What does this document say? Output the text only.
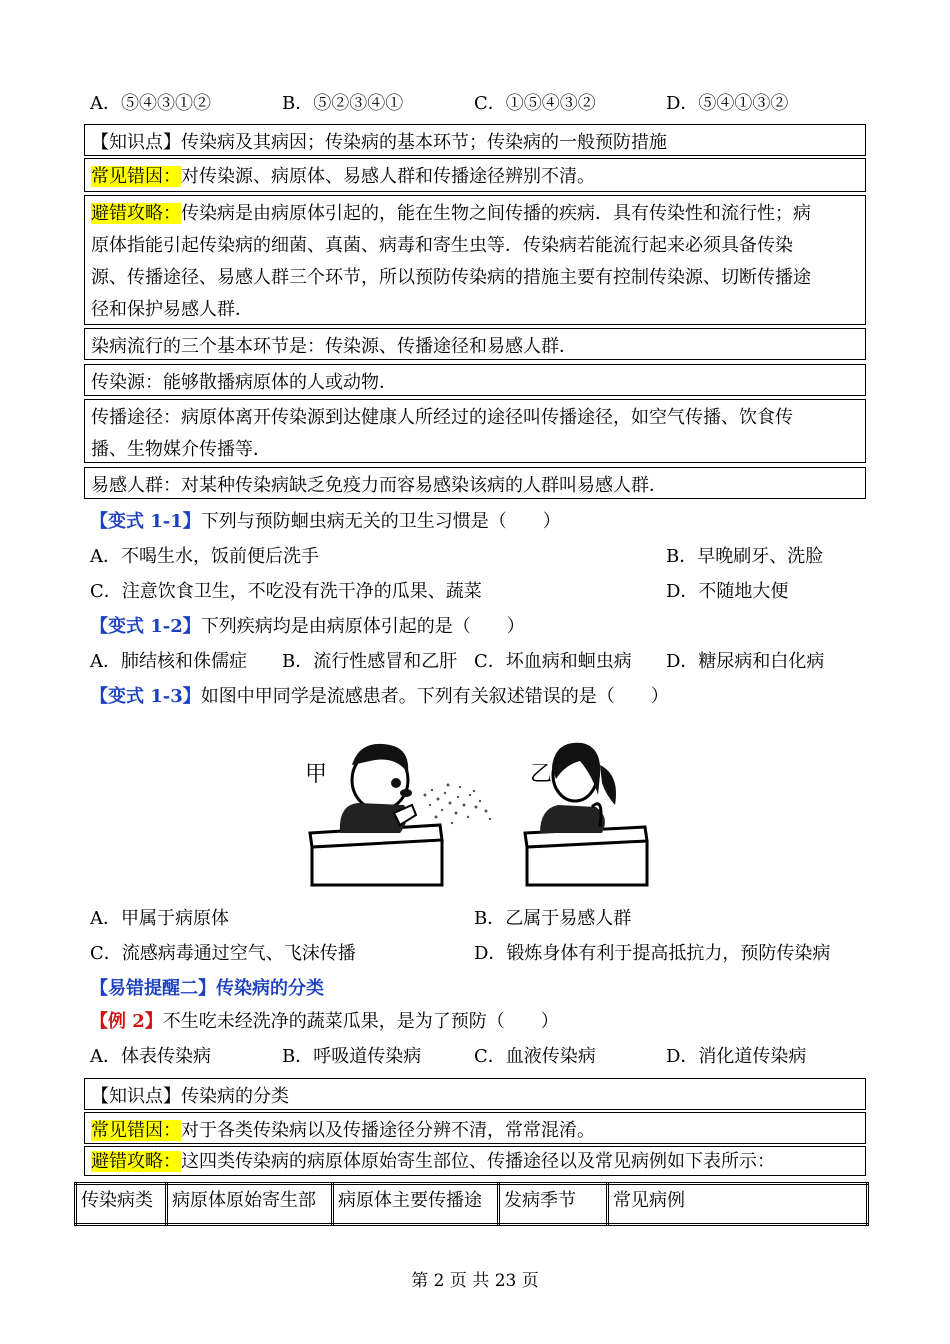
A．⑤④③①②	B．⑤②③④①	C．①⑤④③②	D．⑤④①③②
【知识点】传染病及其病因；传染病的基本环节；传染病的一般预防措施
常见错因：对传染源、病原体、易感人群和传播途径辨别不清。
避错攻略：传染病是由病原体引起的，能在生物之间传播的疾病．具有传染性和流行性；病
原体指能引起传染病的细菌、真菌、病毒和寄生虫等．传染病若能流行起来必须具备传染
源、传播途径、易感人群三个环节，所以预防传染病的措施主要有控制传染源、切断传播途
径和保护易感人群．
染病流行的三个基本环节是：传染源、传播途径和易感人群．
传染源：能够散播病原体的人或动物．
传播途径：病原体离开传染源到达健康人所经过的途径叫传播途径，如空气传播、饮食传
播、生物媒介传播等．
易感人群：对某种传染病缺乏免疫力而容易感染该病的人群叫易感人群．
【变式 1-1】下列与预防蛔虫病无关的卫生习惯是（　　）
A．不喝生水，饭前便后洗手	B．早晚刷牙、洗脸
C．注意饮食卫生，不吃没有洗干净的瓜果、蔬菜	D．不随地大便
【变式 1-2】下列疾病均是由病原体引起的是（　　）
A．肺结核和侏儒症 B．流行性感冒和乙肝 C．坏血病和蛔虫病 D．糖尿病和白化病
【变式 1-3】如图中甲同学是流感患者。下列有关叙述错误的是（　　）
甲	乙
A．甲属于病原体	B．乙属于易感人群
C．流感病毒通过空气、飞沫传播	D．锻炼身体有利于提高抵抗力，预防传染病
【易错提醒二】传染病的分类
【例 2】不生吃未经洗净的蔬菜瓜果，是为了预防（　　）
A．体表传染病	B．呼吸道传染病	C．血液传染病	D．消化道传染病
【知识点】传染病的分类
常见错因：对于各类传染病以及传播途径分辨不清，常常混淆。
避错攻略：这四类传染病的病原体原始寄生部位、传播途径以及常见病例如下表所示：
传染病类	病原体原始寄生部	病原体主要传播途	发病季节	常见病例
第 2 页 共 23 页
